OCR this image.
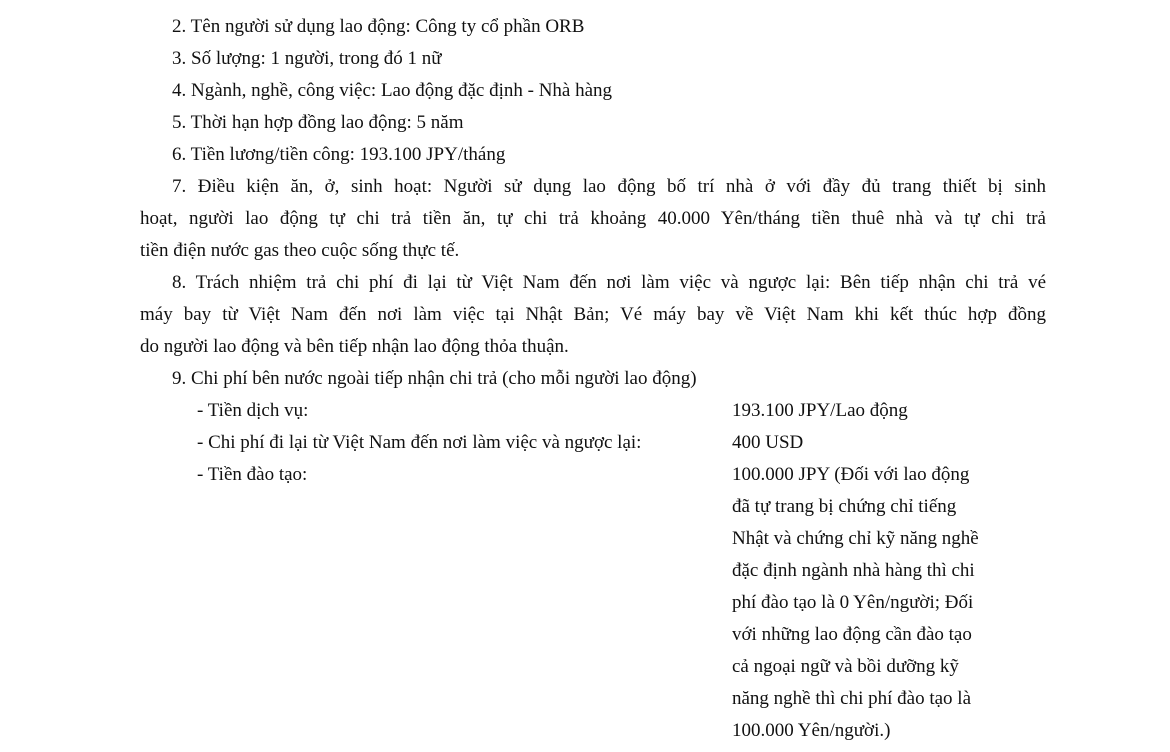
2. Tên người sử dụng lao động: Công ty cổ phần ORB
3. Số lượng: 1 người, trong đó 1 nữ
4. Ngành, nghề, công việc: Lao động đặc định - Nhà hàng
5. Thời hạn hợp đồng lao động: 5 năm
6. Tiền lương/tiền công: 193.100 JPY/tháng
7. Điều kiện ăn, ở, sinh hoạt: Người sử dụng lao động bố trí nhà ở với đầy đủ trang thiết bị sinh
hoạt, người lao động tự chi trả tiền ăn, tự chi trả khoảng 40.000 Yên/tháng tiền thuê nhà và tự chi trả
tiền điện nước gas theo cuộc sống thực tế.
8. Trách nhiệm trả chi phí đi lại từ Việt Nam đến nơi làm việc và ngược lại: Bên tiếp nhận chi trả vé
máy bay từ Việt Nam đến nơi làm việc tại Nhật Bản; Vé máy bay về Việt Nam khi kết thúc hợp đồng
do người lao động và bên tiếp nhận lao động thỏa thuận.
9. Chi phí bên nước ngoài tiếp nhận chi trả (cho mỗi người lao động)
- Tiền dịch vụ:	193.100 JPY/Lao động
- Chi phí đi lại từ Việt Nam đến nơi làm việc và ngược lại:	400 USD
- Tiền đào tạo:	100.000 JPY (Đối với lao động
đã tự trang bị chứng chỉ tiếng
Nhật và chứng chỉ kỹ năng nghề
đặc định ngành nhà hàng thì chi
phí đào tạo là 0 Yên/người; Đối
với những lao động cần đào tạo
cả ngoại ngữ và bồi dưỡng kỹ
năng nghề thì chi phí đào tạo là
100.000 Yên/người.)
